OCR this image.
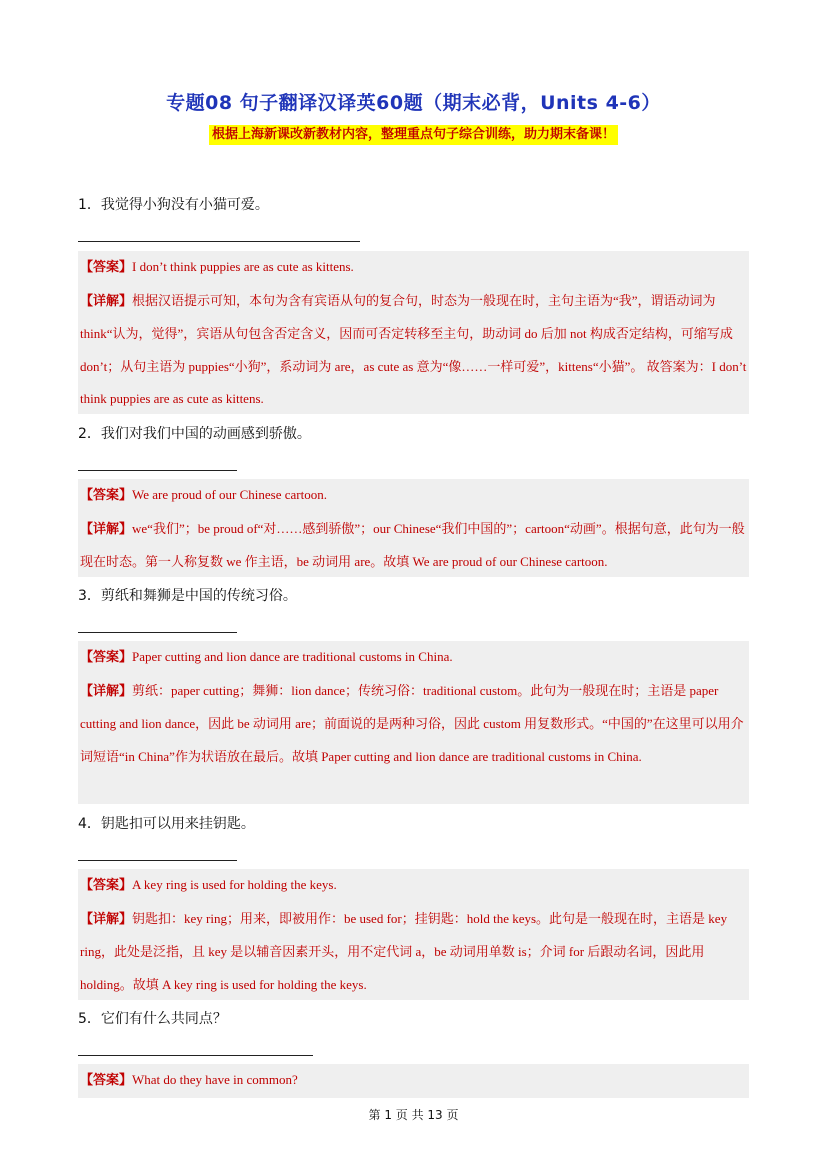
专题08 句子翻译汉译英60题（期末必背，Units 4-6）
根据上海新课改新教材内容，整理重点句子综合训练，助力期末备课！
1．我觉得小狗没有小猫可爱。

【答案】I don’t think puppies are as cute as kittens.

【详解】根据汉语提示可知，本句为含有宾语从句的复合句，时态为一般现在时，主句主语为“我”，谓语动词为 think“认为，觉得”，宾语从句包含否定含义，因而可否定转移至主句，助动词 do 后加 not 构成否定结构，可缩写成 don’t；从句主语为 puppies“小狗”，系动词为 are，as cute as 意为“像……一样可爱”，kittens“小猫”。 故答案为：I don’t think puppies are as cute as kittens.

2．我们对我们中国的动画感到骄傲。

【答案】We are proud of our Chinese cartoon.

【详解】we“我们”；be proud of“对……感到骄傲”；our Chinese“我们中国的”；cartoon“动画”。根据句意，此句为一般现在时态。第一人称复数 we 作主语，be 动词用 are。故填 We are proud of our Chinese cartoon.

3．剪纸和舞狮是中国的传统习俗。

【答案】Paper cutting and lion dance are traditional customs in China.

【详解】剪纸：paper cutting；舞狮：lion dance；传统习俗：traditional custom。此句为一般现在时；主语是 paper cutting and lion dance，因此 be 动词用 are；前面说的是两种习俗，因此 custom 用复数形式。“中国的”在这里可以用介词短语“in China”作为状语放在最后。故填 Paper cutting and lion dance are traditional customs in China.

4．钥匙扣可以用来挂钥匙。

【答案】A key ring is used for holding the keys.

【详解】钥匙扣：key ring；用来，即被用作：be used for；挂钥匙：hold the keys。此句是一般现在时，主语是 key ring，此处是泛指，且 key 是以辅音因素开头，用不定代词 a，be 动词用单数 is；介词 for 后跟动名词，因此用 holding。故填 A key ring is used for holding the keys.

5．它们有什么共同点？

【答案】What do they have in common?

第 1 页 共 13 页
